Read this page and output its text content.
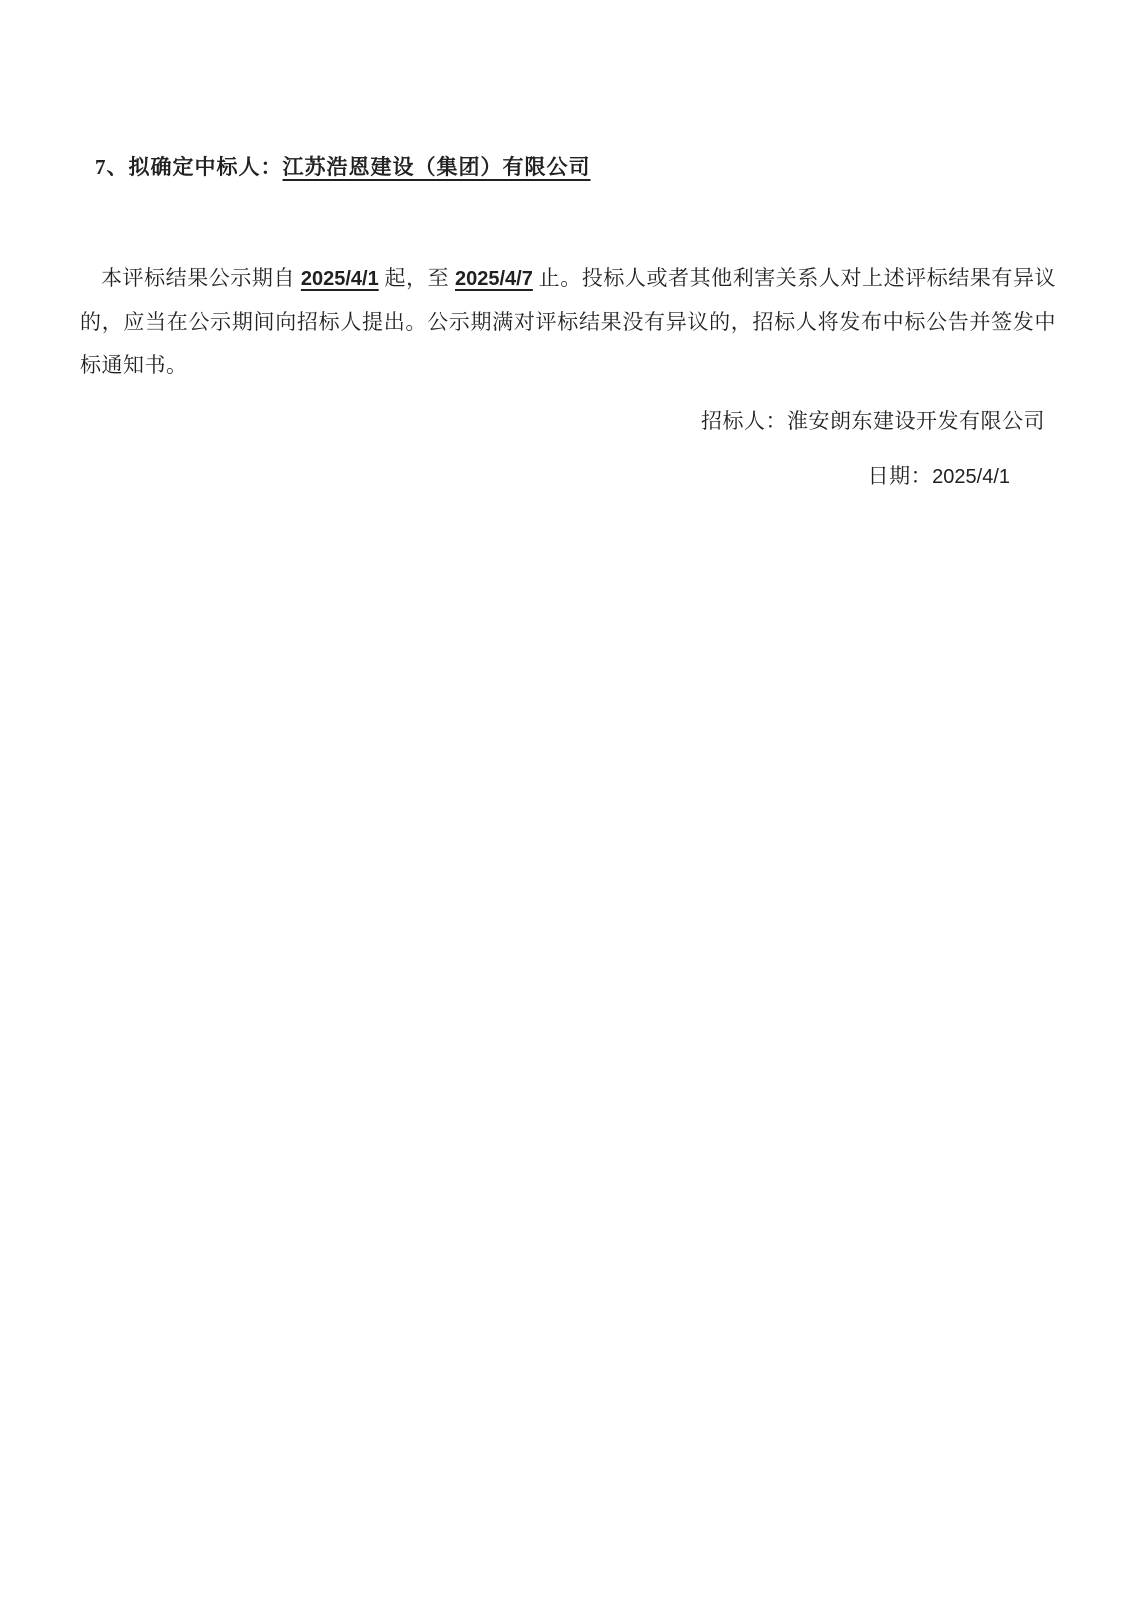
7、拟确定中标人：江苏浩恩建设（集团）有限公司

本评标结果公示期自 2025/4/1 起，至 2025/4/7 止。投标人或者其他利害关系人对上述评标结果有异议的，应当在公示期间向招标人提出。公示期满对评标结果没有异议的，招标人将发布中标公告并签发中标通知书。

招标人：淮安朗东建设开发有限公司
日期：2025/4/1
